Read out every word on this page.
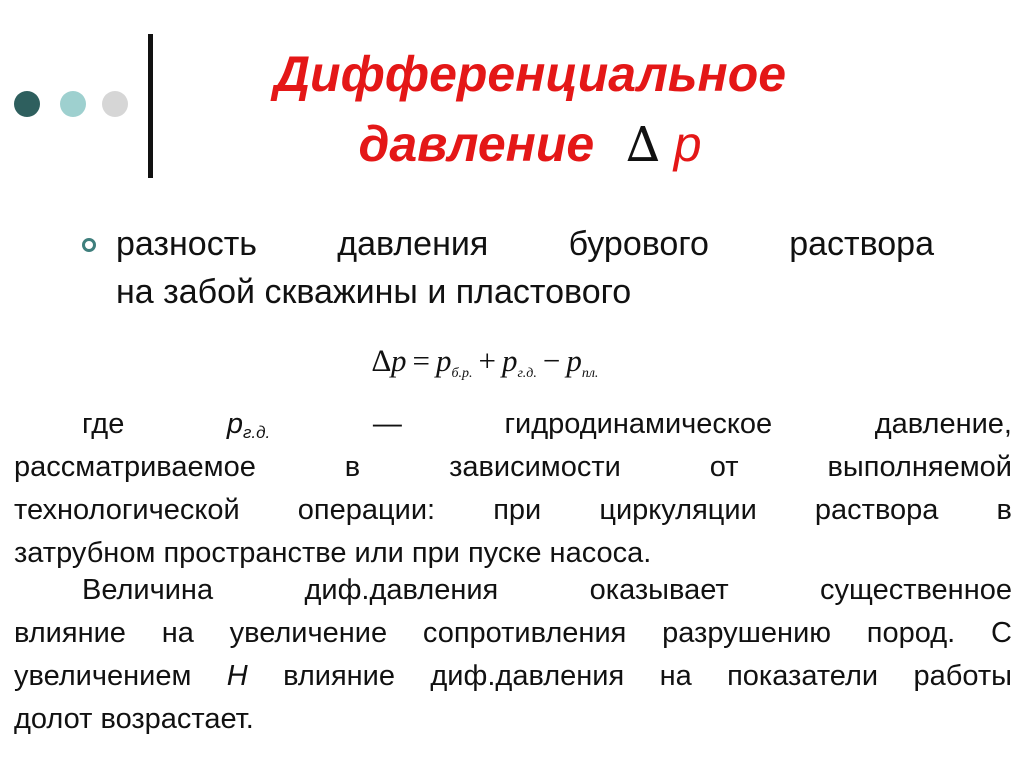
Дифференциальное
давление ∆ p
разность давления бурового раствора
на забой скважины и пластового
$\Delta p = p_{б.р.} + p_{г.д.} - p_{пл.}$
где	$р_{г.д.}$	—	гидродинамическое	давление,
рассматриваемое	в	зависимости	от	выполняемой
технологической операции: при циркуляции раствора в
затрубном пространстве или при пуске насоса.
Величина	диф.давления	оказывает	существенное
влияние на увеличение сопротивления разрушению пород. С
увеличением Н влияние диф.давления на показатели работы
долот возрастает.
